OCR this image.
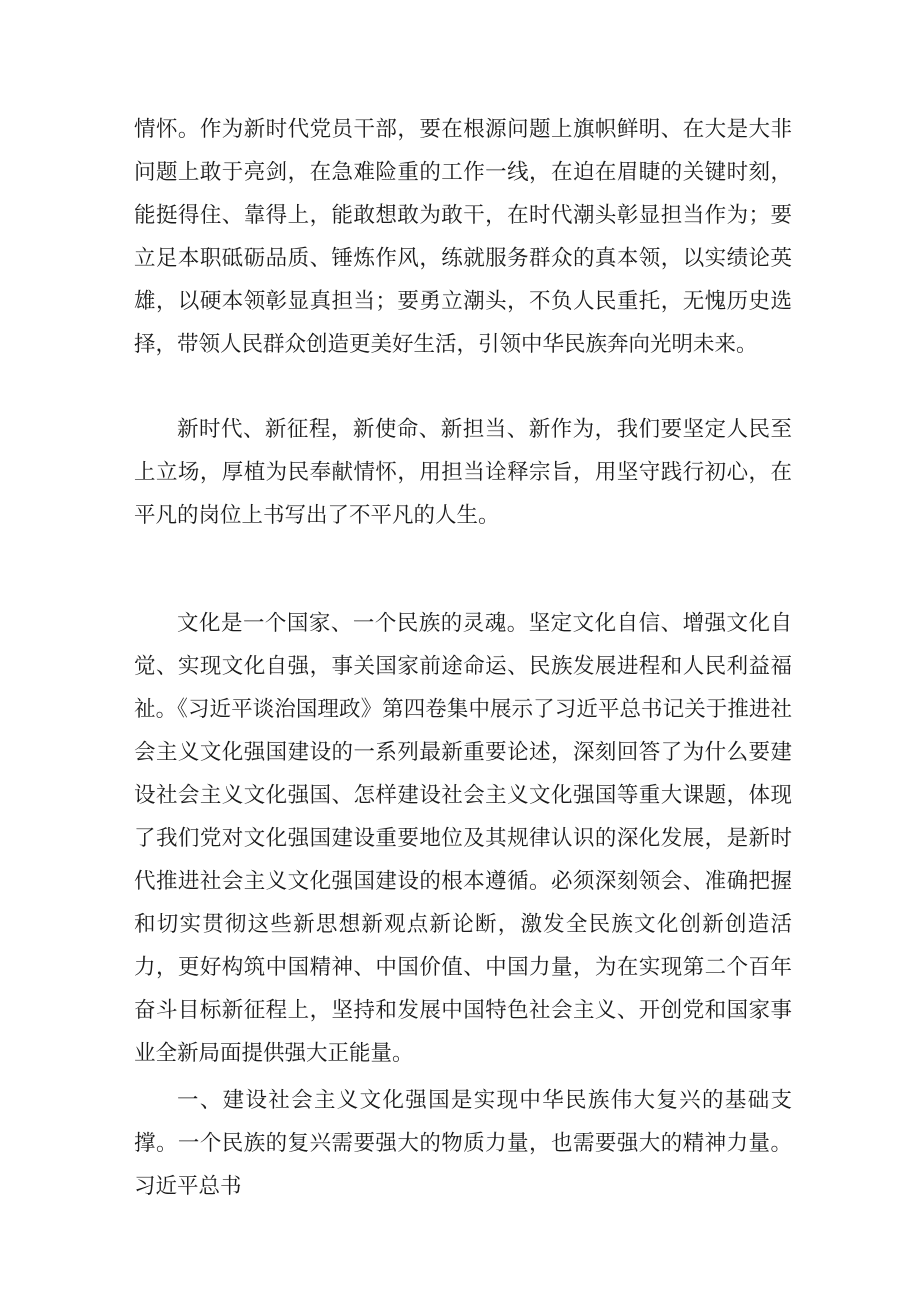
情怀。作为新时代党员干部，要在根源问题上旗帜鲜明、在大是大非问题上敢于亮剑，在急难险重的工作一线，在迫在眉睫的关键时刻，能挺得住、靠得上，能敢想敢为敢干，在时代潮头彰显担当作为；要立足本职砥砺品质、锤炼作风，练就服务群众的真本领，以实绩论英雄，以硬本领彰显真担当；要勇立潮头，不负人民重托，无愧历史选择，带领人民群众创造更美好生活，引领中华民族奔向光明未来。

新时代、新征程，新使命、新担当、新作为，我们要坚定人民至上立场，厚植为民奉献情怀，用担当诠释宗旨，用坚守践行初心，在平凡的岗位上书写出了不平凡的人生。

文化是一个国家、一个民族的灵魂。坚定文化自信、增强文化自觉、实现文化自强，事关国家前途命运、民族发展进程和人民利益福祉。《习近平谈治国理政》第四卷集中展示了习近平总书记关于推进社会主义文化强国建设的一系列最新重要论述，深刻回答了为什么要建设社会主义文化强国、怎样建设社会主义文化强国等重大课题，体现了我们党对文化强国建设重要地位及其规律认识的深化发展，是新时代推进社会主义文化强国建设的根本遵循。必须深刻领会、准确把握和切实贯彻这些新思想新观点新论断，激发全民族文化创新创造活力，更好构筑中国精神、中国价值、中国力量，为在实现第二个百年奋斗目标新征程上，坚持和发展中国特色社会主义、开创党和国家事业全新局面提供强大正能量。

一、建设社会主义文化强国是实现中华民族伟大复兴的基础支撑。一个民族的复兴需要强大的物质力量，也需要强大的精神力量。习近平总书
